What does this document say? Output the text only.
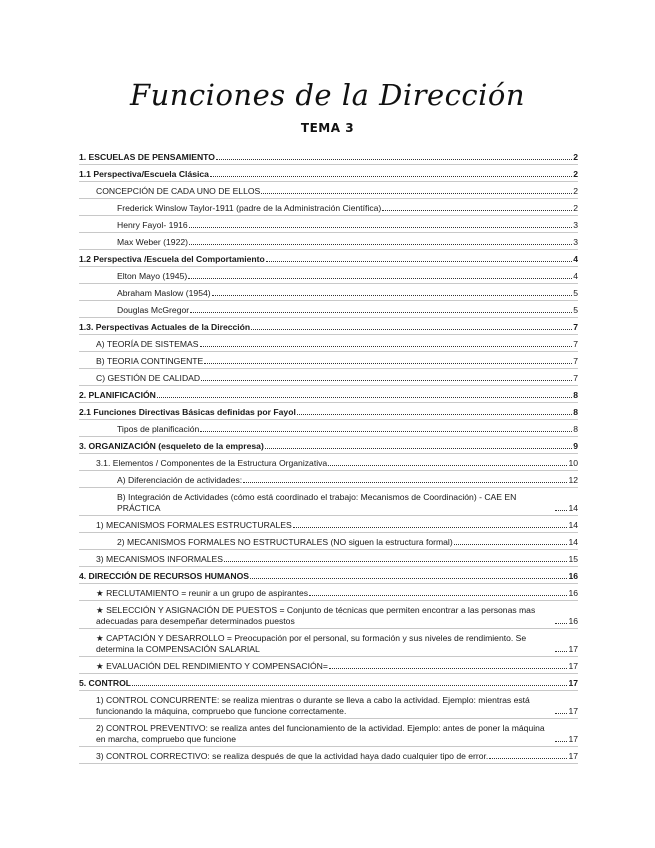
Funciones de la Dirección
TEMA 3
1. ESCUELAS DE PENSAMIENTO	2
1.1 Perspectiva/Escuela Clásica	2
CONCEPCIÓN DE CADA UNO DE ELLOS	2
Frederick Winslow Taylor-1911 (padre de la Administración Científica)	2
Henry Fayol- 1916	3
Max Weber (1922)	3
1.2 Perspectiva /Escuela del Comportamiento	4
Elton Mayo (1945)	4
Abraham Maslow (1954)	5
Douglas McGregor	5
1.3. Perspectivas Actuales de la Dirección	7
A) TEORÍA DE SISTEMAS	7
B) TEORIA CONTINGENTE	7
C) GESTIÓN DE CALIDAD	7
2. PLANIFICACIÓN	8
2.1 Funciones Directivas Básicas definidas por Fayol	8
Tipos de planificación	8
3. ORGANIZACIÓN (esqueleto de la empresa)	9
3.1. Elementos / Componentes de la Estructura Organizativa	10
A) Diferenciación de actividades:	12
B) Integración de Actividades (cómo está coordinado el trabajo: Mecanismos de Coordinación) - CAE EN PRÁCTICA	14
1) MECANISMOS FORMALES ESTRUCTURALES	14
2) MECANISMOS FORMALES NO ESTRUCTURALES (NO siguen la estructura formal)	14
3) MECANISMOS INFORMALES	15
4. DIRECCIÓN DE RECURSOS HUMANOS	16
★ RECLUTAMIENTO = reunir a un grupo de aspirantes	16
★ SELECCIÓN Y ASIGNACIÓN DE PUESTOS = Conjunto de técnicas que permiten encontrar a las personas mas adecuadas para desempeñar determinados puestos	16
★ CAPTACIÓN Y DESARROLLO = Preocupación por el personal, su formación y sus niveles de rendimiento. Se determina la COMPENSACIÓN SALARIAL	17
★ EVALUACIÓN DEL RENDIMIENTO Y COMPENSACIÓN=	17
5. CONTROL	17
1) CONTROL CONCURRENTE: se realiza mientras o durante se lleva a cabo la actividad. Ejemplo: mientras está funcionando la máquina, compruebo que funcione correctamente.	17
2) CONTROL PREVENTIVO: se realiza antes del funcionamiento de la actividad. Ejemplo: antes de poner la máquina en marcha, compruebo que funcione	17
3) CONTROL CORRECTIVO: se realiza después de que la actividad haya dado cualquier tipo de error.	17
